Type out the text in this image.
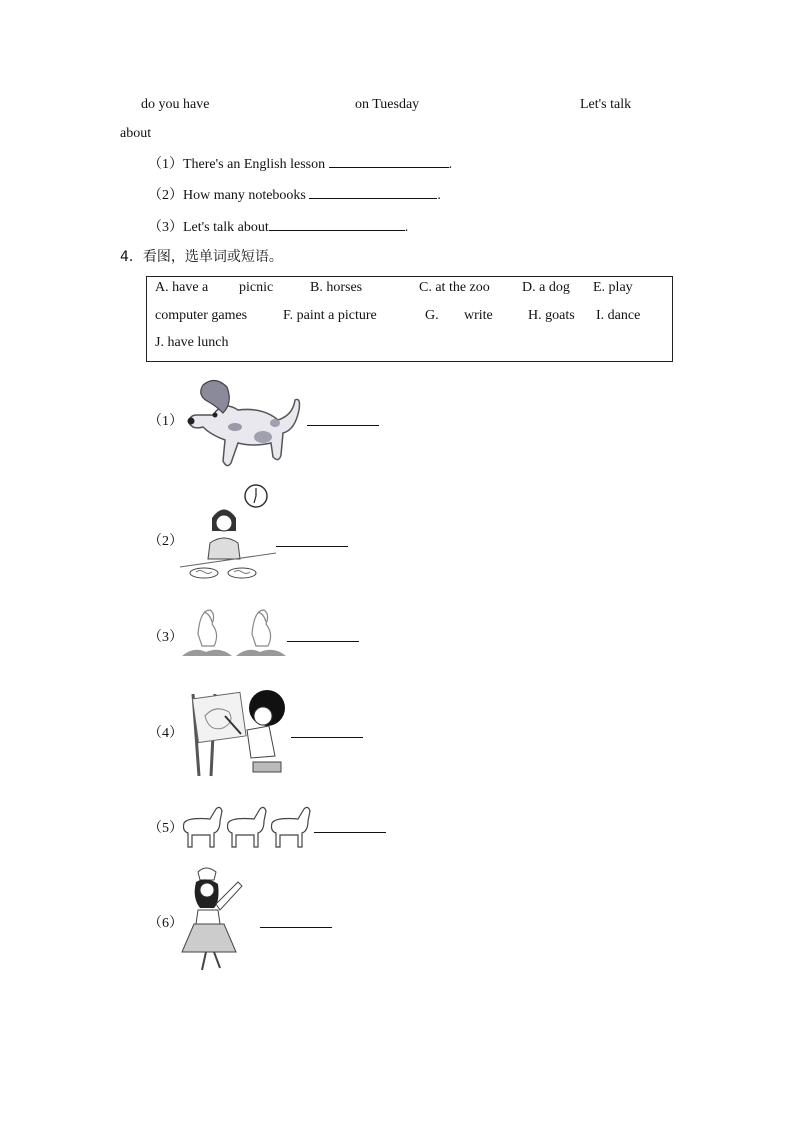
do you have	on Tuesday	Let's talk
about
（1）There's an English lesson	.
（2）How many notebooks	.
（3）Let's talk about	.
4．看图，选单词或短语。
A. have a picnic	B. horses	C. at the zoo D. a dog E. play
computer games	F. paint a picture	G. write	H. goats I. dance
J. have lunch
（1）
（2）
（3）
（4）
（5）
（6）
